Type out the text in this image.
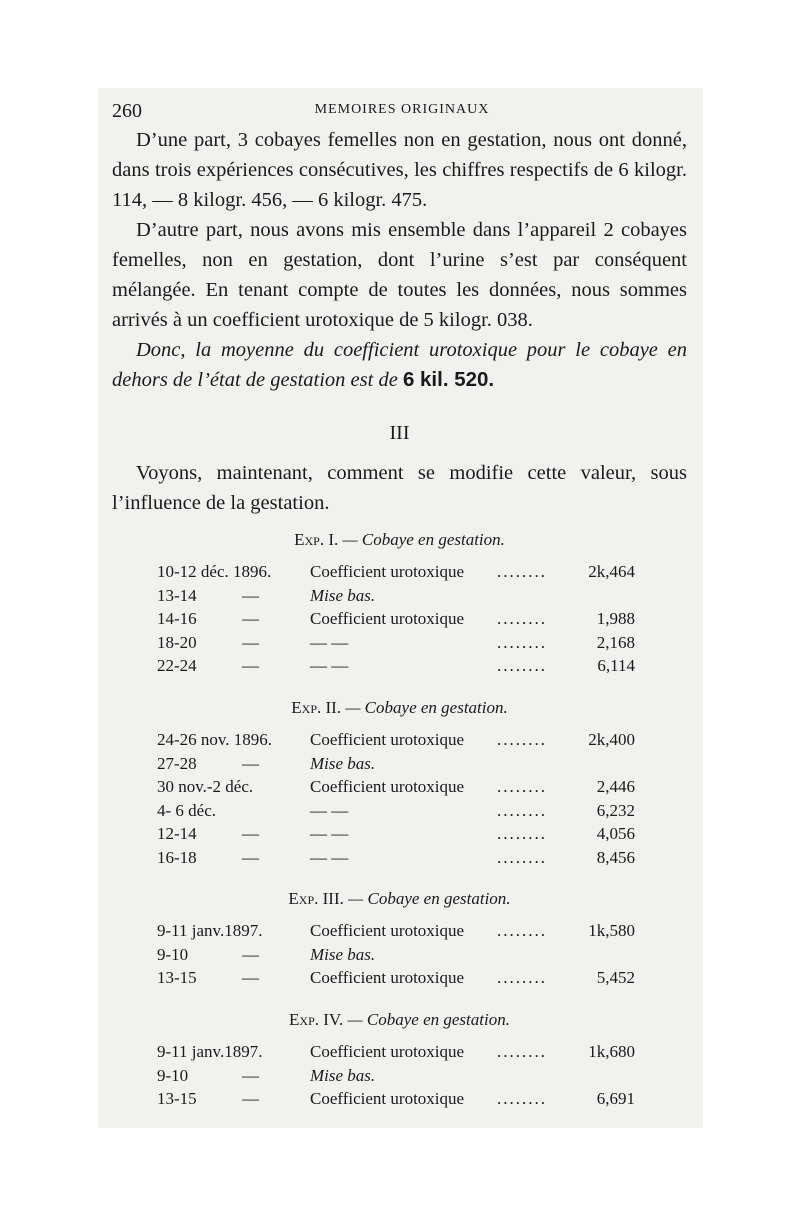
260	MEMOIRES ORIGINAUX

D’une part, 3 cobayes femelles non en gestation, nous ont donné, dans trois expériences consécutives, les chiffres respectifs de 6 kilogr. 114, — 8 kilogr. 456, — 6 kilogr. 475.

D’autre part, nous avons mis ensemble dans l’appareil 2 cobayes femelles, non en gestation, dont l’urine s’est par conséquent mélangée. En tenant compte de toutes les données, nous sommes arrivés à un coefficient urotoxique de 5 kilogr. 038.

Donc, la moyenne du coefficient urotoxique pour le cobaye en dehors de l’état de gestation est de 6 kil. 520.

III

Voyons, maintenant, comment se modifie cette valeur, sous l’influence de la gestation.

Exp. I. — Cobaye en gestation.
10-12 déc. 1896. Coefficient urotoxique ........ 2k,464
13-14	—	Mise bas.
14-16	—	Coefficient urotoxique ........	1,988
18-20	—	— —	........	2,168
22-24	—	— —	........	6,114
Exp. II. — Cobaye en gestation.
24-26 nov. 1896. Coefficient urotoxique ........ 2k,400
27-28	—	Mise bas.
30 nov.-2 déc.	Coefficient urotoxique ........	2,446
4- 6 déc.	— —	........	6,232
12-14	—	— —	........	4,056
16-18	—	— —	........	8,456
Exp. III. — Cobaye en gestation.
9-11 janv.1897.	Coefficient urotoxique ........ 1k,580
9-10	—	Mise bas.
13-15	—	Coefficient urotoxique ........	5,452
Exp. IV. — Cobaye en gestation.
9-11 janv.1897.	Coefficient urotoxique ........ 1k,680
9-10	—	Mise bas.
13-15	—	Coefficient urotoxique ........	6,691
